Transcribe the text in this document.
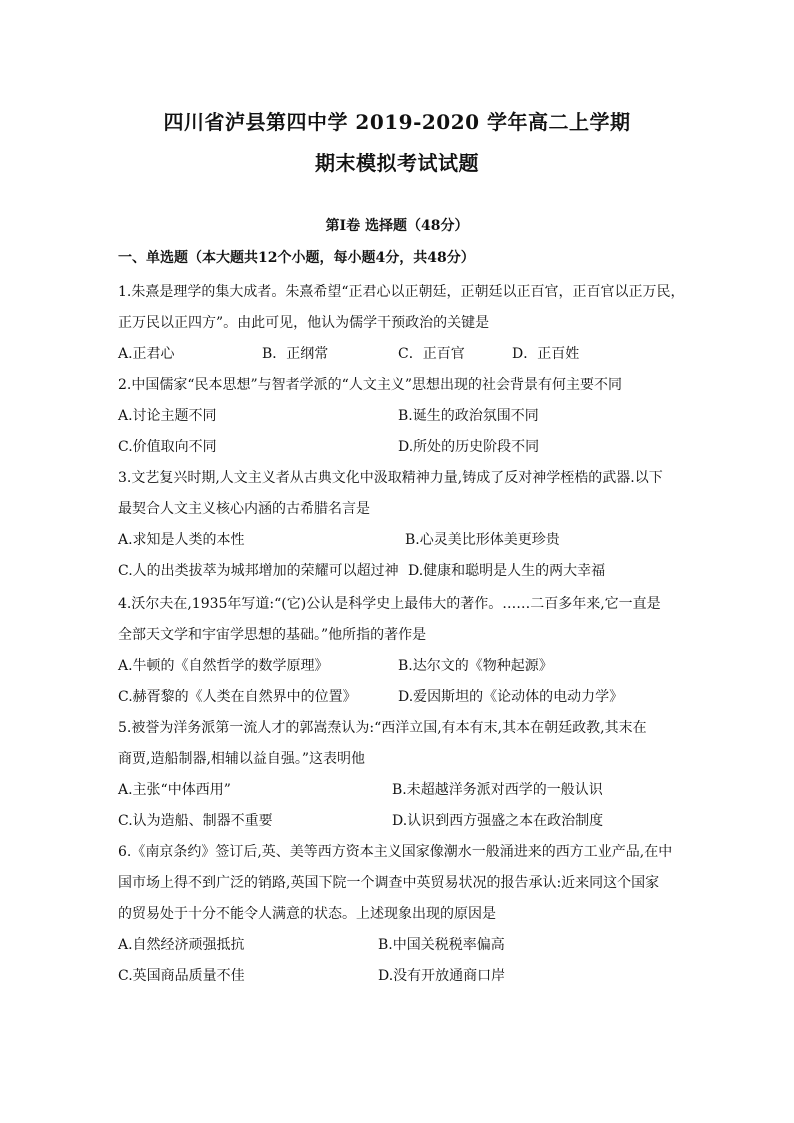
四川省泸县第四中学 2019-2020 学年高二上学期
期末模拟考试试题
第Ⅰ卷 选择题（48分）
一、单选题（本大题共12个小题，每小题4分，共48分）
1.朱熹是理学的集大成者。朱熹希望“正君心以正朝廷，正朝廷以正百官，正百官以正万民，
正万民以正四方”。由此可见，他认为儒学干预政治的关键是
A.正君心	B．正纲常	C．正百官	D．正百姓
2.中国儒家“民本思想”与智者学派的“人文主义”思想出现的社会背景有何主要不同
A.讨论主题不同	B.诞生的政治氛围不同
C.价值取向不同	D.所处的历史阶段不同
3.文艺复兴时期,人文主义者从古典文化中汲取精神力量,铸成了反对神学桎梏的武器.以下
最契合人文主义核心内涵的古希腊名言是
A.求知是人类的本性	B.心灵美比形体美更珍贵
C.人的出类拔萃为城邦增加的荣耀可以超过神 D.健康和聪明是人生的两大幸福
4.沃尔夫在,1935年写道:“(它)公认是科学史上最伟大的著作。……二百多年来,它一直是
全部天文学和宇宙学思想的基础。”他所指的著作是
A.牛顿的《自然哲学的数学原理》	B.达尔文的《物种起源》
C.赫胥黎的《人类在自然界中的位置》	D.爱因斯坦的《论动体的电动力学》
5.被誉为洋务派第一流人才的郭嵩焘认为:“西洋立国,有本有末,其本在朝廷政教,其末在
商贾,造船制器,相辅以益自强。”这表明他
A.主张“中体西用”	B.未超越洋务派对西学的一般认识
C.认为造船、制器不重要	D.认识到西方强盛之本在政治制度
6.《南京条约》签订后,英、美等西方资本主义国家像潮水一般涌进来的西方工业产品,在中
国市场上得不到广泛的销路,英国下院一个调查中英贸易状况的报告承认:近来同这个国家
的贸易处于十分不能令人满意的状态。上述现象出现的原因是
A.自然经济顽强抵抗	B.中国关税税率偏高
C.英国商品质量不佳	D.没有开放通商口岸
